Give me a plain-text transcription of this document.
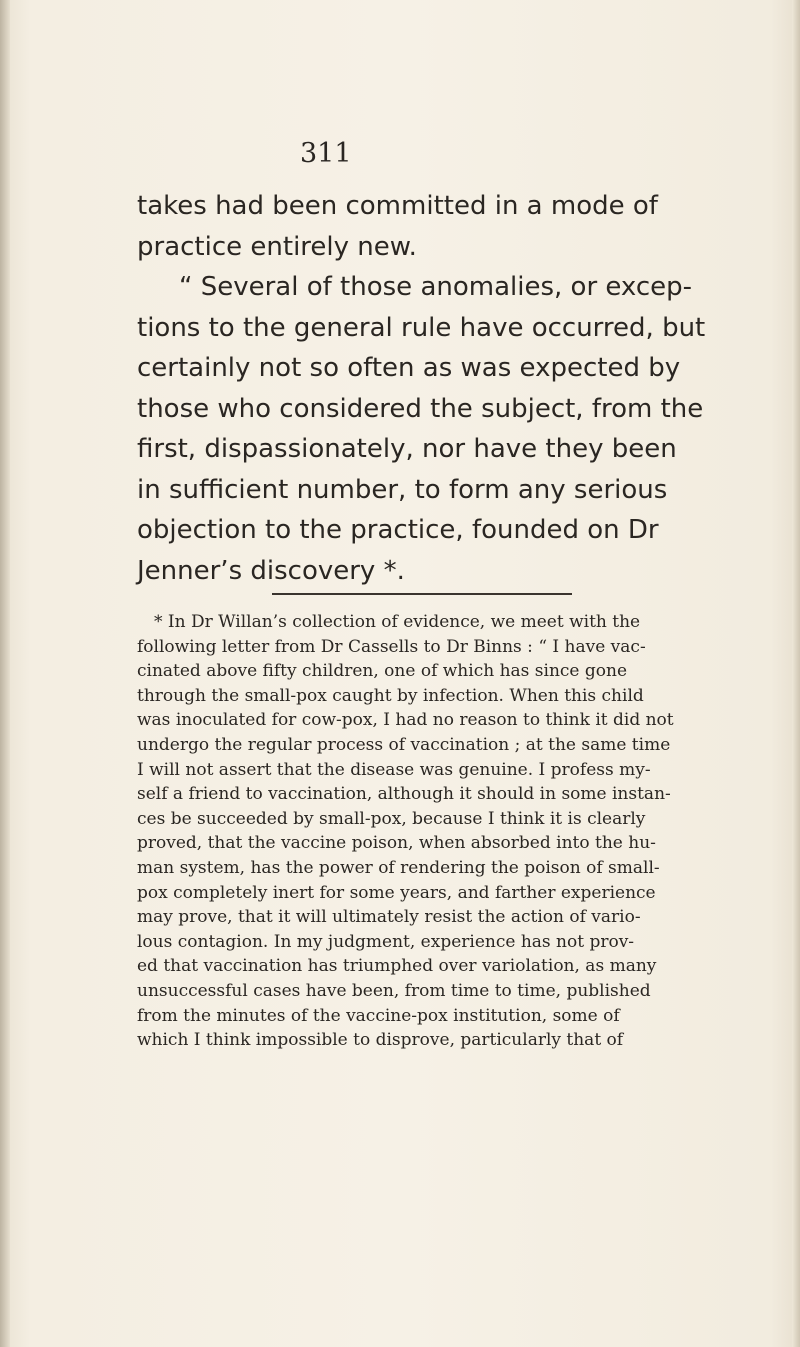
311
takes had been committed in a mode of
practice entirely new.
“ Several of those anomalies, or excep-
tions to the general rule have occurred, but
certainly not so often as was expected by
those who considered the subject, from the
first, dispassionately, nor have they been
in sufficient number, to form any serious
objection to the practice, founded on Dr
Jenner’s discovery *.
* In Dr Willan’s collection of evidence, we meet with the
following letter from Dr Cassells to Dr Binns : “ I have vac-
cinated above fifty children, one of which has since gone
through the small-pox caught by infection. When this child
was inoculated for cow-pox, I had no reason to think it did not
undergo the regular process of vaccination ; at the same time
I will not assert that the disease was genuine. I profess my-
self a friend to vaccination, although it should in some instan-
ces be succeeded by small-pox, because I think it is clearly
proved, that the vaccine poison, when absorbed into the hu-
man system, has the power of rendering the poison of small-
pox completely inert for some years, and farther experience
may prove, that it will ultimately resist the action of vario-
lous contagion. In my judgment, experience has not prov-
ed that vaccination has triumphed over variolation, as many
unsuccessful cases have been, from time to time, published
from the minutes of the vaccine-pox institution, some of
which I think impossible to disprove, particularly that of
